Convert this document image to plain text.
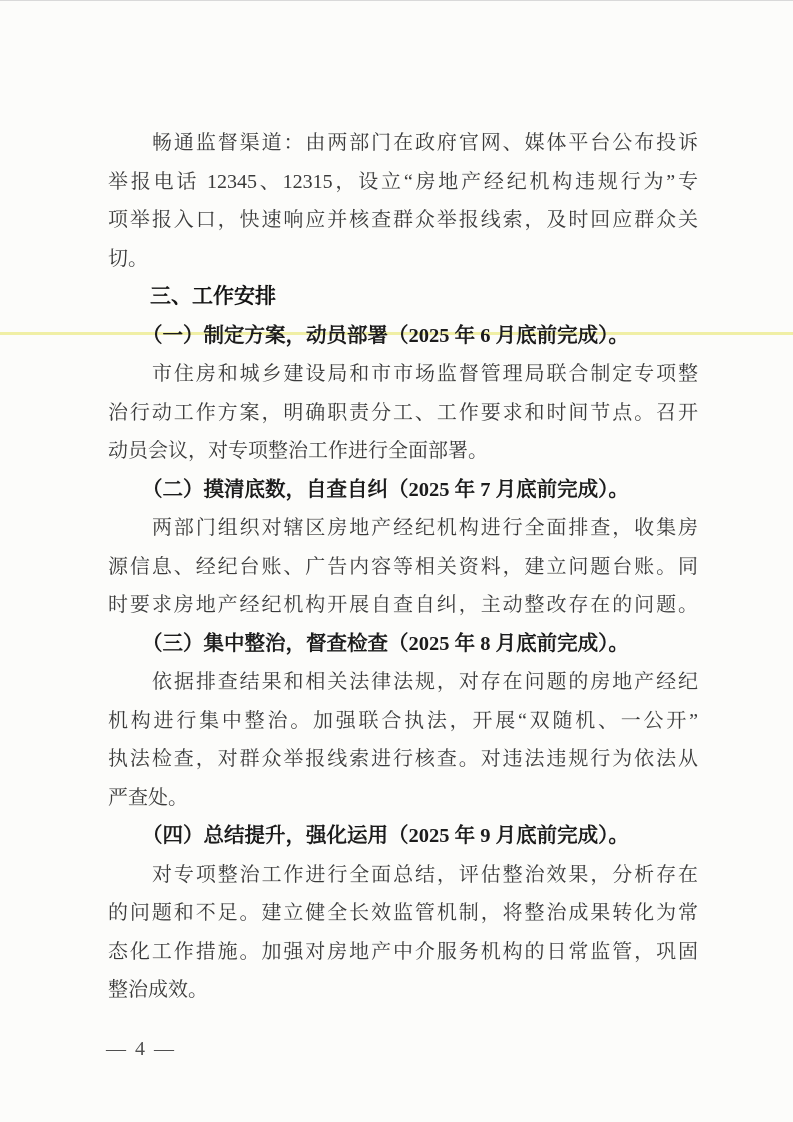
畅通监督渠道：由两部门在政府官网、媒体平台公布投诉
举报电话 12345、12315，设立“房地产经纪机构违规行为”专
项举报入口，快速响应并核查群众举报线索，及时回应群众关
切。
三、工作安排
（一）制定方案，动员部署（2025 年 6 月底前完成）。
市住房和城乡建设局和市市场监督管理局联合制定专项整
治行动工作方案，明确职责分工、工作要求和时间节点。召开
动员会议，对专项整治工作进行全面部署。
（二）摸清底数，自查自纠（2025 年 7 月底前完成）。
两部门组织对辖区房地产经纪机构进行全面排查，收集房
源信息、经纪台账、广告内容等相关资料，建立问题台账。同
时要求房地产经纪机构开展自查自纠，主动整改存在的问题。
（三）集中整治，督查检查（2025 年 8 月底前完成）。
依据排查结果和相关法律法规，对存在问题的房地产经纪
机构进行集中整治。加强联合执法，开展“双随机、一公开”
执法检查，对群众举报线索进行核查。对违法违规行为依法从
严查处。
（四）总结提升，强化运用（2025 年 9 月底前完成）。
对专项整治工作进行全面总结，评估整治效果，分析存在
的问题和不足。建立健全长效监管机制，将整治成果转化为常
态化工作措施。加强对房地产中介服务机构的日常监管，巩固
整治成效。
— 4 —
